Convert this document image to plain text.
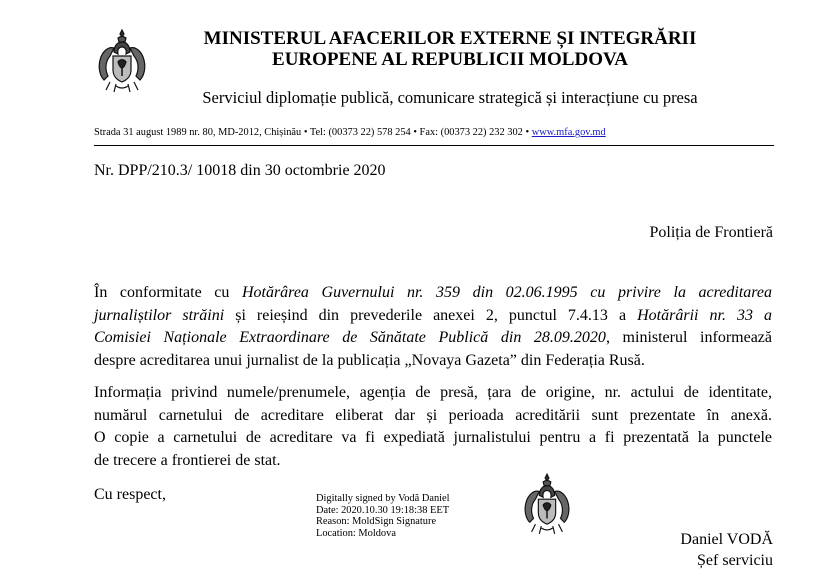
MINISTERUL AFACERILOR EXTERNE ȘI INTEGRĂRII
EUROPENE AL REPUBLICII MOLDOVA
Serviciul diplomație publică, comunicare strategică și interacțiune cu presa
Strada 31 august 1989 nr. 80, MD-2012, Chișinău • Tel: (00373 22) 578 254 • Fax: (00373 22) 232 302 • www.mfa.gov.md
Nr. DPP/210.3/ 10018 din 30 octombrie 2020
Poliția de Frontieră
În conformitate cu Hotărârea Guvernului nr. 359 din 02.06.1995 cu privire la acreditarea
jurnaliștilor străini și reieșind din prevederile anexei 2, punctul 7.4.13 a Hotărârii nr. 33 a
Comisiei Naționale Extraordinare de Sănătate Publică din 28.09.2020, ministerul informează
despre acreditarea unui jurnalist de la publicația „Novaya Gazeta” din Federația Rusă.
Informația privind numele/prenumele, agenția de presă, țara de origine, nr. actului de identitate,
numărul carnetului de acreditare eliberat dar și perioada acreditării sunt prezentate în anexă.
O copie a carnetului de acreditare va fi expediată jurnalistului pentru a fi prezentată la punctele
de trecere a frontierei de stat.
Cu respect,	Digitally signed by Vodă Daniel
Date: 2020.10.30 19:18:38 EET
Reason: MoldSign Signature
Location: Moldova	Daniel VODĂ
Șef serviciu
